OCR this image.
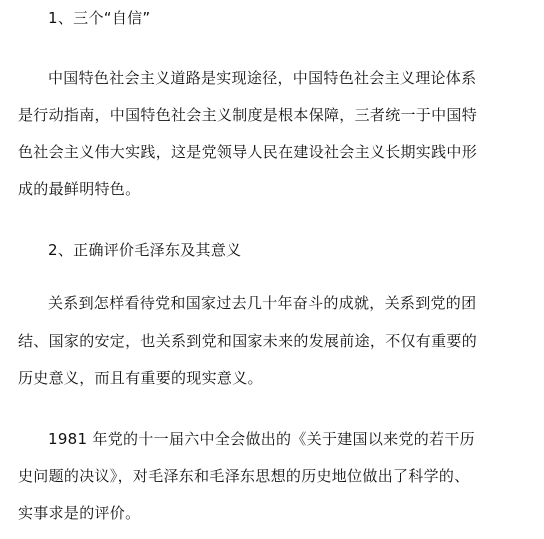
1、三个“自信”
中国特色社会主义道路是实现途径，中国特色社会主义理论体系
是行动指南，中国特色社会主义制度是根本保障，三者统一于中国特
色社会主义伟大实践，这是党领导人民在建设社会主义长期实践中形
成的最鲜明特色。
2、正确评价毛泽东及其意义
关系到怎样看待党和国家过去几十年奋斗的成就，关系到党的团
结、国家的安定，也关系到党和国家未来的发展前途，不仅有重要的
历史意义，而且有重要的现实意义。
1981 年党的十一届六中全会做出的《关于建国以来党的若干历
史问题的决议》，对毛泽东和毛泽东思想的历史地位做出了科学的、
实事求是的评价。
